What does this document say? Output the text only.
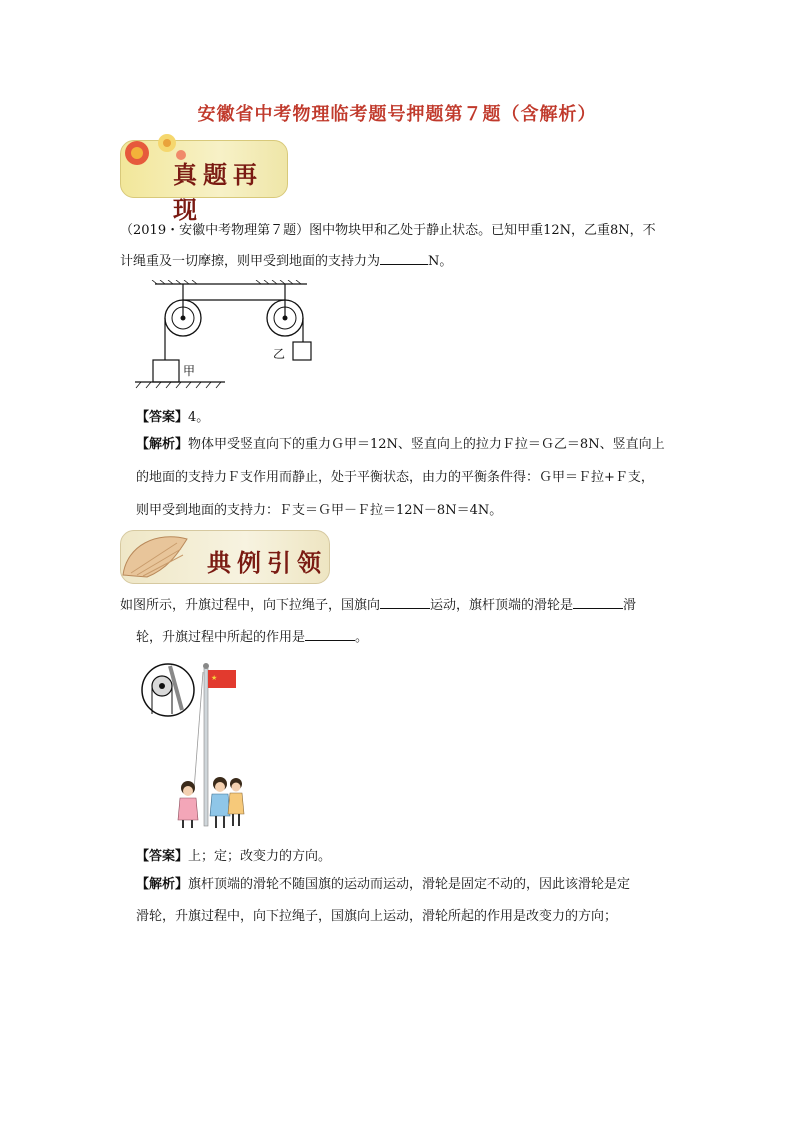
安徽省中考物理临考题号押题第７题（含解析）
真题再现
（2019・安徽中考物理第７题）图中物块甲和乙处于静止状态。已知甲重12N，乙重8N，不
计绳重及一切摩擦，则甲受到地面的支持力为	N。
甲
乙
【答案】4。
【解析】物体甲受竖直向下的重力Ｇ甲＝12N、竖直向上的拉力Ｆ拉＝Ｇ乙＝8N、竖直向上
的地面的支持力Ｆ支作用而静止，处于平衡状态，由力的平衡条件得：Ｇ甲＝Ｆ拉+Ｆ支，
则甲受到地面的支持力：Ｆ支＝Ｇ甲－Ｆ拉＝12N－8N＝4N。
典例引领
如图所示，升旗过程中，向下拉绳子，国旗向	运动，旗杆顶端的滑轮是	滑
轮，升旗过程中所起的作用是	。
★
【答案】上；定；改变力的方向。
【解析】旗杆顶端的滑轮不随国旗的运动而运动，滑轮是固定不动的，因此该滑轮是定
滑轮，升旗过程中，向下拉绳子，国旗向上运动，滑轮所起的作用是改变力的方向；
